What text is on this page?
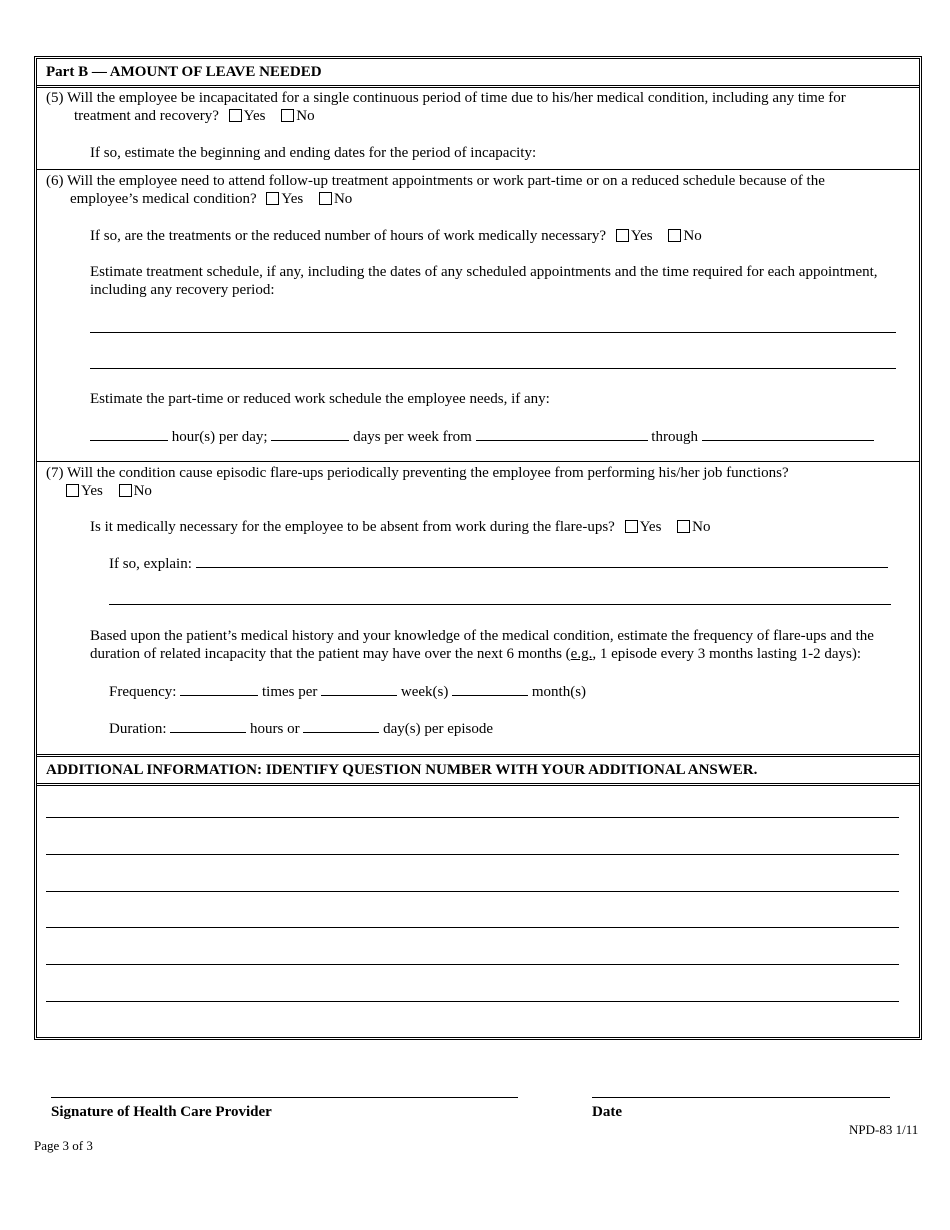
Part B — AMOUNT OF LEAVE NEEDED
(5) Will the employee be incapacitated for a single continuous period of time due to his/her medical condition, including any time for
treatment and recovery? Yes No
If so, estimate the beginning and ending dates for the period of incapacity:
(6) Will the employee need to attend follow-up treatment appointments or work part-time or on a reduced schedule because of the
employee’s medical condition? Yes No
If so, are the treatments or the reduced number of hours of work medically necessary? Yes No
Estimate treatment schedule, if any, including the dates of any scheduled appointments and the time required for each appointment,
including any recovery period:
Estimate the part-time or reduced work schedule the employee needs, if any:
hour(s) per day;	days per week from	through
(7) Will the condition cause episodic flare-ups periodically preventing the employee from performing his/her job functions?
Yes No
Is it medically necessary for the employee to be absent from work during the flare-ups? Yes No
If so, explain:
Based upon the patient’s medical history and your knowledge of the medical condition, estimate the frequency of flare-ups and the
duration of related incapacity that the patient may have over the next 6 months (e.g., 1 episode every 3 months lasting 1-2 days):
Frequency:	times per	week(s)	month(s)
Duration:	hours or	day(s) per episode
ADDITIONAL INFORMATION: IDENTIFY QUESTION NUMBER WITH YOUR ADDITIONAL ANSWER.
Signature of Health Care Provider	Date
NPD-83 1/11
Page 3 of 3
